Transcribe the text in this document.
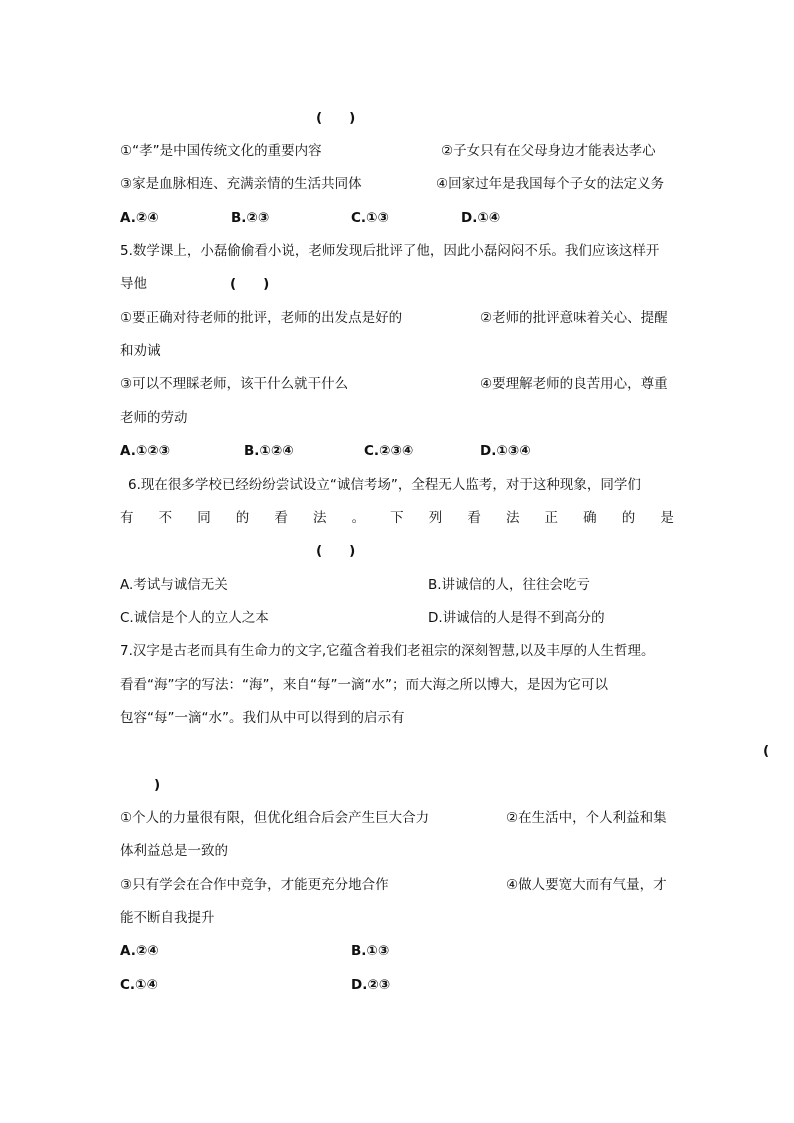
(　　)
①“孝”是中国传统文化的重要内容	②子女只有在父母身边才能表达孝心
③家是血脉相连、充满亲情的生活共同体	④回家过年是我国每个子女的法定义务
A.②④	B.②③	C.①③	D.①④
5.数学课上，小磊偷偷看小说，老师发现后批评了他，因此小磊闷闷不乐。我们应该这样开
导他	(　　)
①要正确对待老师的批评，老师的出发点是好的	②老师的批评意味着关心、提醒
和劝诫
③可以不理睬老师，该干什么就干什么	④要理解老师的良苦用心，尊重
老师的劳动
A.①②③	B.①②④	C.②③④	D.①③④
6.现在很多学校已经纷纷尝试设立“诚信考场”，全程无人监考，对于这种现象，同学们
有 不 同 的 看 法 。 下 列 看 法 正 确 的 是
(　　)
A.考试与诚信无关	B.讲诚信的人，往往会吃亏
C.诚信是个人的立人之本	D.讲诚信的人是得不到高分的
7.汉字是古老而具有生命力的文字,它蕴含着我们老祖宗的深刻智慧,以及丰厚的人生哲理。
看看“海”字的写法：“海”，来自“每”一滴“水”；而大海之所以博大，是因为它可以
包容“每”一滴“水”。我们从中可以得到的启示有
(
)
①个人的力量很有限，但优化组合后会产生巨大合力	②在生活中，个人利益和集
体利益总是一致的
③只有学会在合作中竞争，才能更充分地合作	④做人要宽大而有气量，才
能不断自我提升
A.②④	B.①③
C.①④	D.②③
